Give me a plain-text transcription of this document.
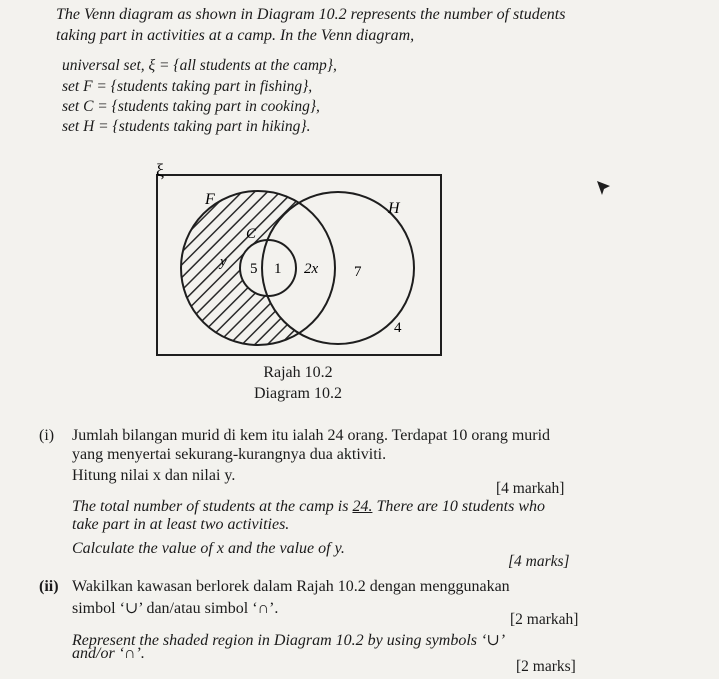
The Venn diagram as shown in Diagram 10.2 represents the number of students
taking part in activities at a camp. In the Venn diagram,
universal set, ξ = {all students at the camp},
set F = {students taking part in fishing},
set C = {students taking part in cooking},
set H = {students taking part in hiking}.
ξ
F
H
C
y 5 1 2x 7
4
Rajah 10.2
Diagram 10.2
(i) Jumlah bilangan murid di kem itu ialah 24 orang. Terdapat 10 orang murid
yang menyertai sekurang-kurangnya dua aktiviti.
Hitung nilai x dan nilai y.
[4 markah]
The total number of students at the camp is 24. There are 10 students who
take part in at least two activities.
Calculate the value of x and the value of y.
[4 marks]
(ii) Wakilkan kawasan berlorek dalam Rajah 10.2 dengan menggunakan
simbol ‘∪’ dan/atau simbol ‘∩’.
[2 markah]
Represent the shaded region in Diagram 10.2 by using symbols ‘∪’
and/or ‘∩’.
[2 marks]
